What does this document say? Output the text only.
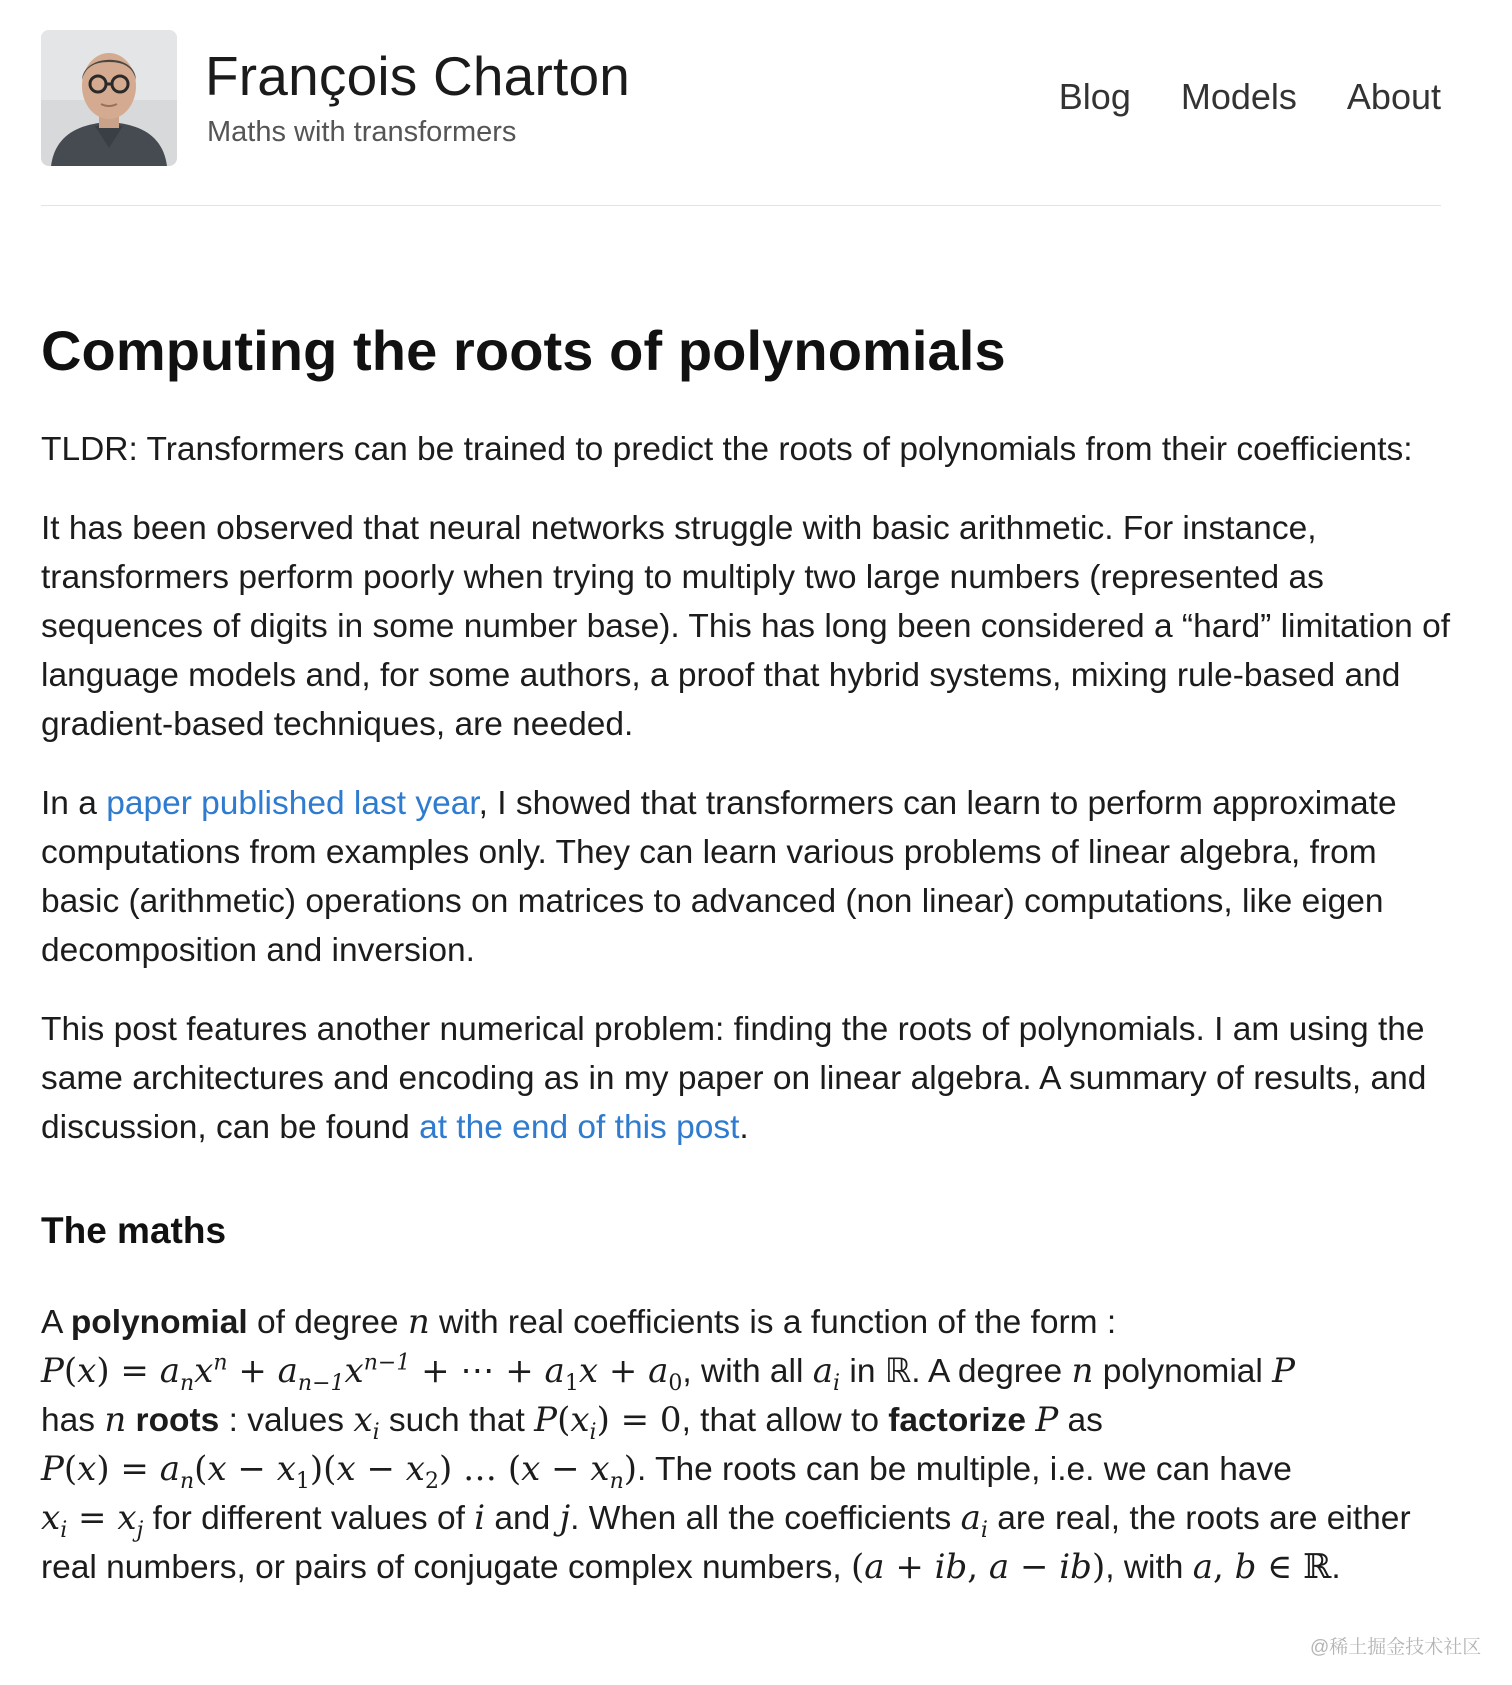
François Charton
Maths with transformers
Blog Models About
Computing the roots of polynomials

TLDR: Transformers can be trained to predict the roots of polynomials from their coefficients:

It has been observed that neural networks struggle with basic arithmetic. For instance, transformers perform poorly when trying to multiply two large numbers (represented as sequences of digits in some number base). This has long been considered a “hard” limitation of language models and, for some authors, a proof that hybrid systems, mixing rule-based and gradient-based techniques, are needed.

In a paper published last year, I showed that transformers can learn to perform approximate computations from examples only. They can learn various problems of linear algebra, from basic (arithmetic) operations on matrices to advanced (non linear) computations, like eigen decomposition and inversion.

This post features another numerical problem: finding the roots of polynomials. I am using the same architectures and encoding as in my paper on linear algebra. A summary of results, and discussion, can be found at the end of this post.

The maths

A polynomial of degree n with real coefficients is a function of the form :
$P(x) = a_nx^n + a_{n-1}x^{n-1}$ + ⋯ + $a_1x + a_0$, with all $a_i$ in ℝ. A degree n polynomial P
has n roots : values $x_i$ such that $P(x_i) = 0$, that allow to factorize P as
$P(x) = a_n(x - x_1)(x - x_2)$ … $(x - x_n)$. The roots can be multiple, i.e. we can have
$x_i = x_j$ for different values of i and j. When all the coefficients $a_i$ are real, the roots are either real numbers, or pairs of conjugate complex numbers, (a + ib, a − ib), with a, b ∈ ℝ.

@稀土掘金技术社区
